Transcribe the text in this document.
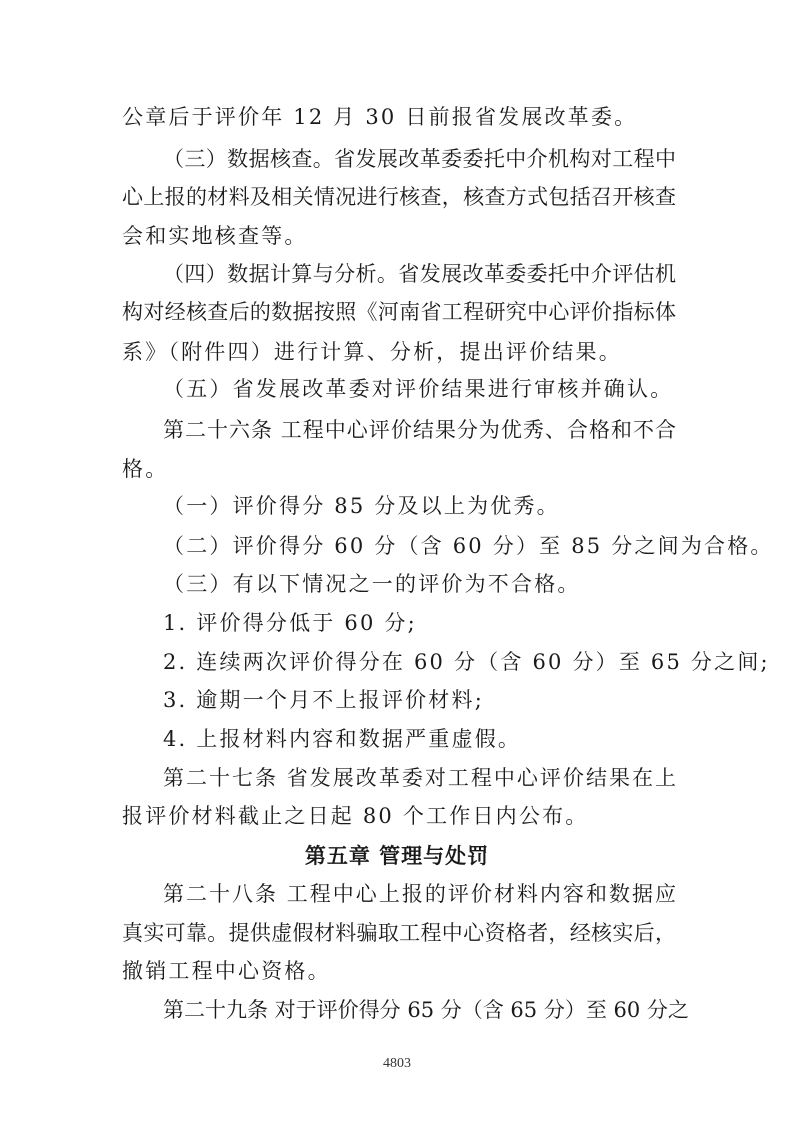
公章后于评价年 12 月 30 日前报省发展改革委。
（三）数据核查。省发展改革委委托中介机构对工程中
心上报的材料及相关情况进行核查，核查方式包括召开核查
会和实地核查等。
（四）数据计算与分析。省发展改革委委托中介评估机
构对经核查后的数据按照《河南省工程研究中心评价指标体
系》（附件四）进行计算、分析，提出评价结果。
（五）省发展改革委对评价结果进行审核并确认。
第二十六条 工程中心评价结果分为优秀、合格和不合
格。
（一）评价得分 85 分及以上为优秀。
（二）评价得分 60 分（含 60 分）至 85 分之间为合格。
（三）有以下情况之一的评价为不合格。
1. 评价得分低于 60 分;
2. 连续两次评价得分在 60 分（含 60 分）至 65 分之间;
3. 逾期一个月不上报评价材料;
4. 上报材料内容和数据严重虚假。
第二十七条 省发展改革委对工程中心评价结果在上
报评价材料截止之日起 80 个工作日内公布。
第五章 管理与处罚
第二十八条 工程中心上报的评价材料内容和数据应
真实可靠。提供虚假材料骗取工程中心资格者，经核实后，
撤销工程中心资格。
第二十九条 对于评价得分 65 分（含 65 分）至 60 分之
4803
